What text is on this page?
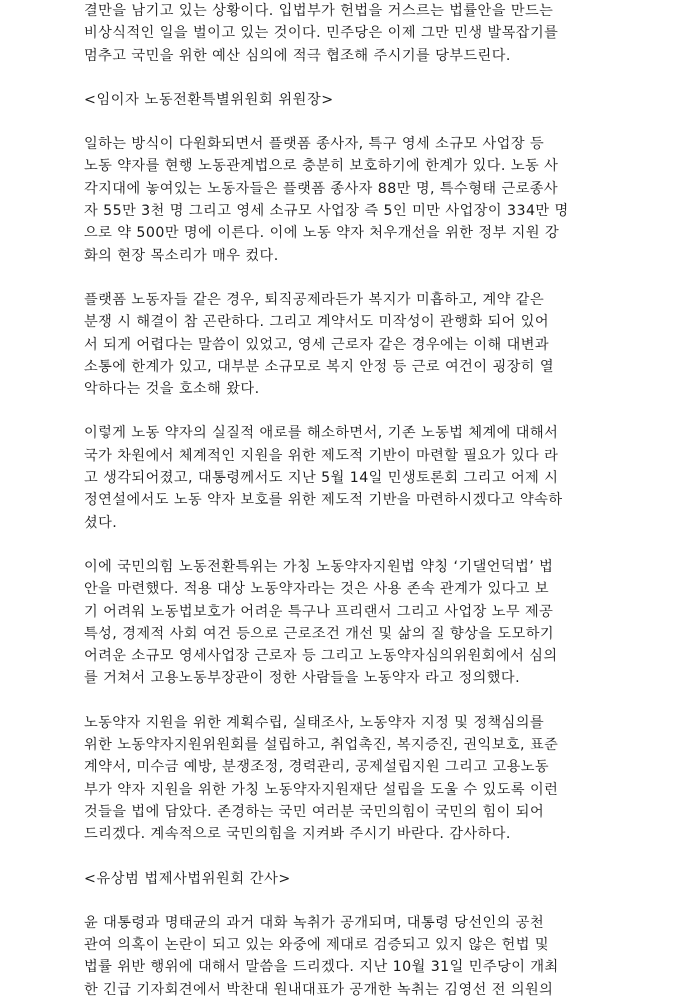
결만을 남기고 있는 상황이다. 입법부가 헌법을 거스르는 법률안을 만드는
비상식적인 일을 벌이고 있는 것이다. 민주당은 이제 그만 민생 발목잡기를
멈추고 국민을 위한 예산 심의에 적극 협조해 주시기를 당부드린다.
<임이자 노동전환특별위원회 위원장>
일하는 방식이 다원화되면서 플랫폼 종사자, 특구 영세 소규모 사업장 등
노동 약자를 현행 노동관계법으로 충분히 보호하기에 한계가 있다. 노동 사
각지대에 놓여있는 노동자들은 플랫폼 종사자 88만 명, 특수형태 근로종사
자 55만 3천 명 그리고 영세 소규모 사업장 즉 5인 미만 사업장이 334만 명
으로 약 500만 명에 이른다. 이에 노동 약자 처우개선을 위한 정부 지원 강
화의 현장 목소리가 매우 컸다.
플랫폼 노동자들 같은 경우, 퇴직공제라든가 복지가 미흡하고, 계약 같은
분쟁 시 해결이 참 곤란하다. 그리고 계약서도 미작성이 관행화 되어 있어
서 되게 어렵다는 말씀이 있었고, 영세 근로자 같은 경우에는 이해 대변과
소통에 한계가 있고, 대부분 소규모로 복지 안정 등 근로 여건이 굉장히 열
악하다는 것을 호소해 왔다.
이렇게 노동 약자의 실질적 애로를 해소하면서, 기존 노동법 체계에 대해서
국가 차원에서 체계적인 지원을 위한 제도적 기반이 마련할 필요가 있다 라
고 생각되어졌고, 대통령께서도 지난 5월 14일 민생토론회 그리고 어제 시
정연설에서도 노동 약자 보호를 위한 제도적 기반을 마련하시겠다고 약속하
셨다.
이에 국민의힘 노동전환특위는 가칭 노동약자지원법 약칭 ‘기댈언덕법’ 법
안을 마련했다. 적용 대상 노동약자라는 것은 사용 존속 관계가 있다고 보
기 어려워 노동법보호가 어려운 특구나 프리랜서 그리고 사업장 노무 제공
특성, 경제적 사회 여건 등으로 근로조건 개선 및 삶의 질 향상을 도모하기
어려운 소규모 영세사업장 근로자 등 그리고 노동약자심의위원회에서 심의
를 거쳐서 고용노동부장관이 정한 사람들을 노동약자 라고 정의했다.
노동약자 지원을 위한 계획수립, 실태조사, 노동약자 지정 및 정책심의를
위한 노동약자지원위원회를 설립하고, 취업촉진, 복지증진, 권익보호, 표준
계약서, 미수금 예방, 분쟁조정, 경력관리, 공제설립지원 그리고 고용노동
부가 약자 지원을 위한 가칭 노동약자지원재단 설립을 도울 수 있도록 이런
것들을 법에 담았다. 존경하는 국민 여러분 국민의힘이 국민의 힘이 되어
드리겠다. 계속적으로 국민의힘을 지켜봐 주시기 바란다. 감사하다.
<유상범 법제사법위원회 간사>
윤 대통령과 명태균의 과거 대화 녹취가 공개되며, 대통령 당선인의 공천
관여 의혹이 논란이 되고 있는 와중에 제대로 검증되고 있지 않은 헌법 및
법률 위반 행위에 대해서 말씀을 드리겠다. 지난 10월 31일 민주당이 개최
한 긴급 기자회견에서 박찬대 원내대표가 공개한 녹취는 김영선 전 의원의
